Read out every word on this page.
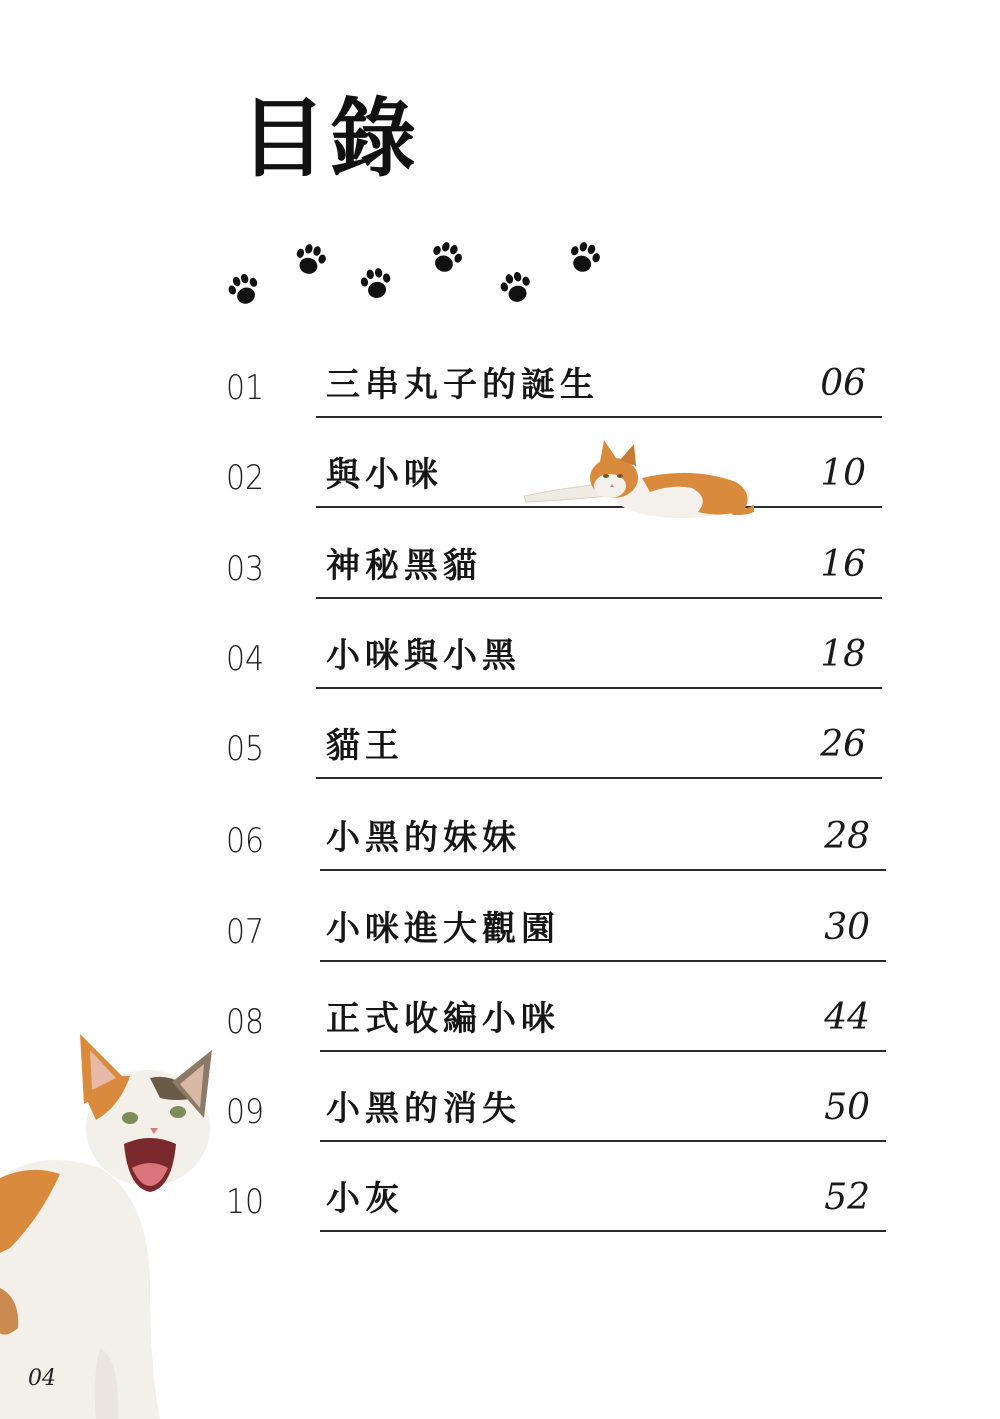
目錄
01 三串丸子的誕生	06
02 與小咪	10
03 神秘黑貓	16
04 小咪與小黑	18
05 貓王	26
06 小黑的妹妹	28
07 小咪進大觀園	30
08 正式收編小咪	44
09 小黑的消失	50
10 小灰	52
04
